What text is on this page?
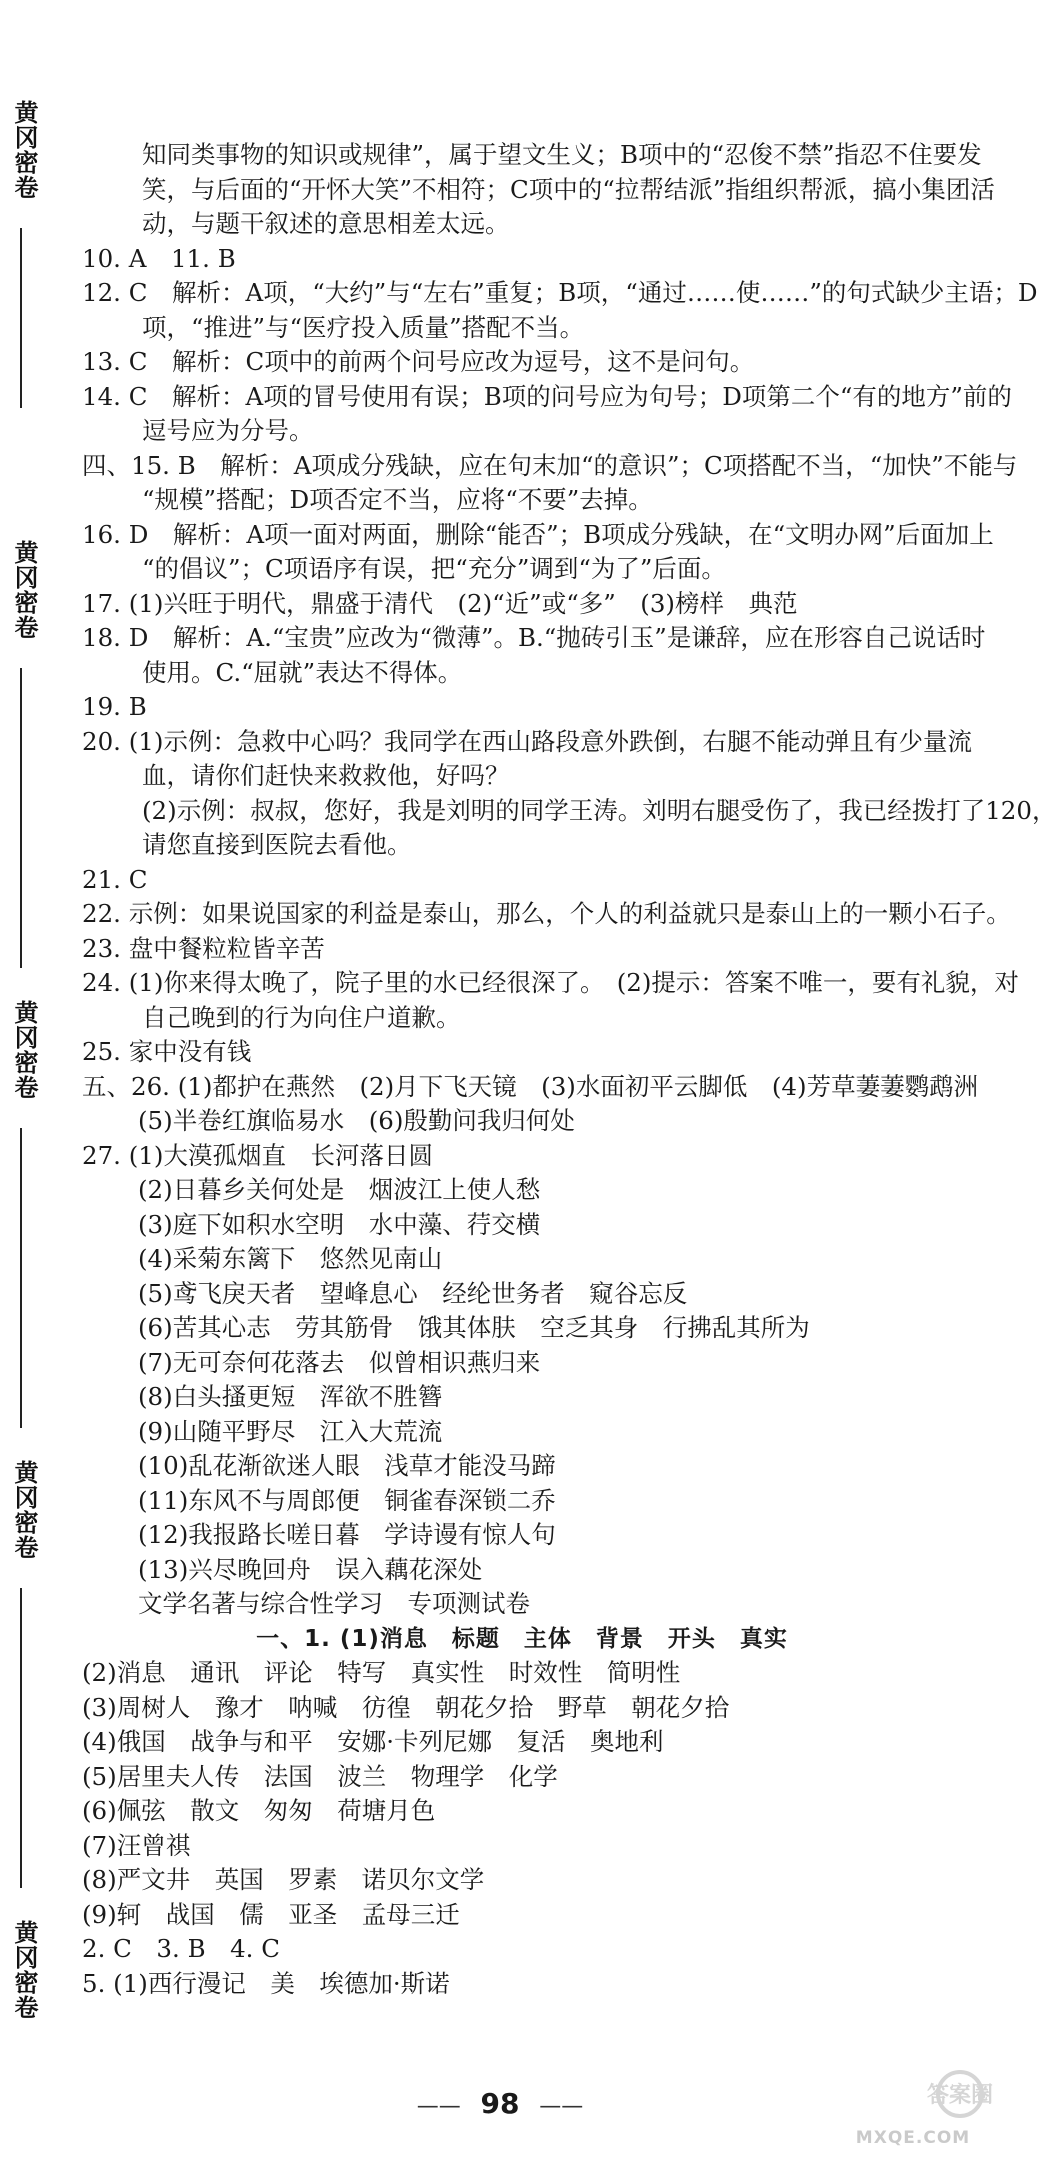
黄冈密卷
黄冈密卷
黄冈密卷
黄冈密卷
黄冈密卷
知同类事物的知识或规律”，属于望文生义；B项中的“忍俊不禁”指忍不住要发
笑，与后面的“开怀大笑”不相符；C项中的“拉帮结派”指组织帮派，搞小集团活
动，与题干叙述的意思相差太远。
10. A　11. B
12. C　解析：A项，“大约”与“左右”重复；B项，“通过……使……”的句式缺少主语；D
项，“推进”与“医疗投入质量”搭配不当。
13. C　解析：C项中的前两个问号应改为逗号，这不是问句。
14. C　解析：A项的冒号使用有误；B项的问号应为句号；D项第二个“有的地方”前的
逗号应为分号。
四、15. B　解析：A项成分残缺，应在句末加“的意识”；C项搭配不当，“加快”不能与
“规模”搭配；D项否定不当，应将“不要”去掉。
16. D　解析：A项一面对两面，删除“能否”；B项成分残缺，在“文明办网”后面加上
“的倡议”；C项语序有误，把“充分”调到“为了”后面。
17. (1)兴旺于明代，鼎盛于清代　(2)“近”或“多”　(3)榜样　典范
18. D　解析：A.“宝贵”应改为“微薄”。B.“抛砖引玉”是谦辞，应在形容自己说话时
使用。C.“屈就”表达不得体。
19. B
20. (1)示例：急救中心吗？我同学在西山路段意外跌倒，右腿不能动弹且有少量流
血，请你们赶快来救救他，好吗？
(2)示例：叔叔，您好，我是刘明的同学王涛。刘明右腿受伤了，我已经拨打了120，
请您直接到医院去看他。
21. C
22. 示例：如果说国家的利益是泰山，那么，个人的利益就只是泰山上的一颗小石子。
23. 盘中餐粒粒皆辛苦
24. (1)你来得太晚了，院子里的水已经很深了。　(2)提示：答案不唯一，要有礼貌，对
自己晚到的行为向住户道歉。
25. 家中没有钱
五、26. (1)都护在燕然　(2)月下飞天镜　(3)水面初平云脚低　(4)芳草萋萋鹦鹉洲
(5)半卷红旗临易水　(6)殷勤问我归何处
27. (1)大漠孤烟直　长河落日圆
(2)日暮乡关何处是　烟波江上使人愁
(3)庭下如积水空明　水中藻、荇交横
(4)采菊东篱下　悠然见南山
(5)鸢飞戾天者　望峰息心　经纶世务者　窥谷忘反
(6)苦其心志　劳其筋骨　饿其体肤　空乏其身　行拂乱其所为
(7)无可奈何花落去　似曾相识燕归来
(8)白头搔更短　浑欲不胜簪
(9)山随平野尽　江入大荒流
(10)乱花渐欲迷人眼　浅草才能没马蹄
(11)东风不与周郎便　铜雀春深锁二乔
(12)我报路长嗟日暮　学诗谩有惊人句
(13)兴尽晚回舟　误入藕花深处
文学名著与综合性学习　专项测试卷
一、1. (1)消息　标题　主体　背景　开头　真实
(2)消息　通讯　评论　特写　真实性　时效性　简明性
(3)周树人　豫才　呐喊　彷徨　朝花夕拾　野草　朝花夕拾
(4)俄国　战争与和平　安娜·卡列尼娜　复活　奥地利
(5)居里夫人传　法国　波兰　物理学　化学
(6)佩弦　散文　匆匆　荷塘月色
(7)汪曾祺
(8)严文井　英国　罗素　诺贝尔文学
(9)轲　战国　儒　亚圣　孟母三迁
2. C　3. B　4. C
5. (1)西行漫记　美　埃德加·斯诺
—— 98 ——	答案圈
MXQE.COM
